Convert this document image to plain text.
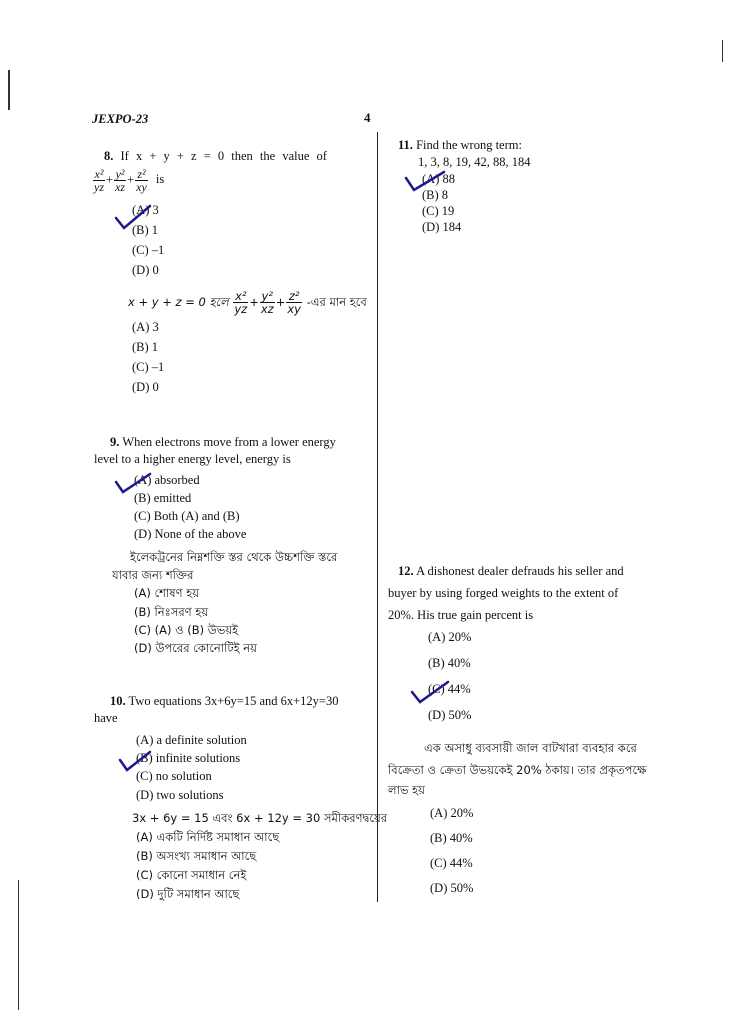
JEXPO-23	4
8. If x + y + z = 0 then the value of
$\frac{\text{x²}}{yz} + \frac{\text{y²}}{xz} + \frac{\text{z²}}{xy}$ is
(A) 3
(B) 1
(C) –1
(D) 0
x + y + z = 0 হলে $\frac{\text{x²}}{yz} + \frac{\text{y²}}{xz} + \frac{\text{z²}}{xy}$ -এর মান হবে
(A) 3
(B) 1
(C) –1
(D) 0
9. When electrons move from a lower energy
level to a higher energy level, energy is
(A) absorbed
(B) emitted
(C) Both (A) and (B)
(D) None of the above
ইলেকট্রনের নিম্নশক্তি স্তর থেকে উচ্চশক্তি স্তরে
যাবার জন্য শক্তির
(A) শোষণ হয়
(B) নিঃসরণ হয়
(C) (A) ও (B) উভয়ই
(D) উপরের কোনোটিই নয়
10. Two equations 3x+6y=15 and 6x+12y=30
have
(A) a definite solution
(B) infinite solutions
(C) no solution
(D) two solutions
3x + 6y = 15 এবং 6x + 12y = 30 সমীকরণদ্বয়ের
(A) একটি নির্দিষ্ট সমাধান আছে
(B) অসংখ্য সমাধান আছে
(C) কোনো সমাধান নেই
(D) দুটি সমাধান আছে
11. Find the wrong term:
1, 3, 8, 19, 42, 88, 184
(A) 88
(B) 8
(C) 19
(D) 184
12. A dishonest dealer defrauds his seller and
buyer by using forged weights to the extent of
20%. His true gain percent is
(A) 20%
(B) 40%
(C) 44%
(D) 50%
এক অসাধু ব্যবসায়ী জাল বাটখারা ব্যবহার করে
বিক্রেতা ও ক্রেতা উভয়কেই 20% ঠকায়। তার প্রকৃতপক্ষে
লাভ হয়
(A) 20%
(B) 40%
(C) 44%
(D) 50%
